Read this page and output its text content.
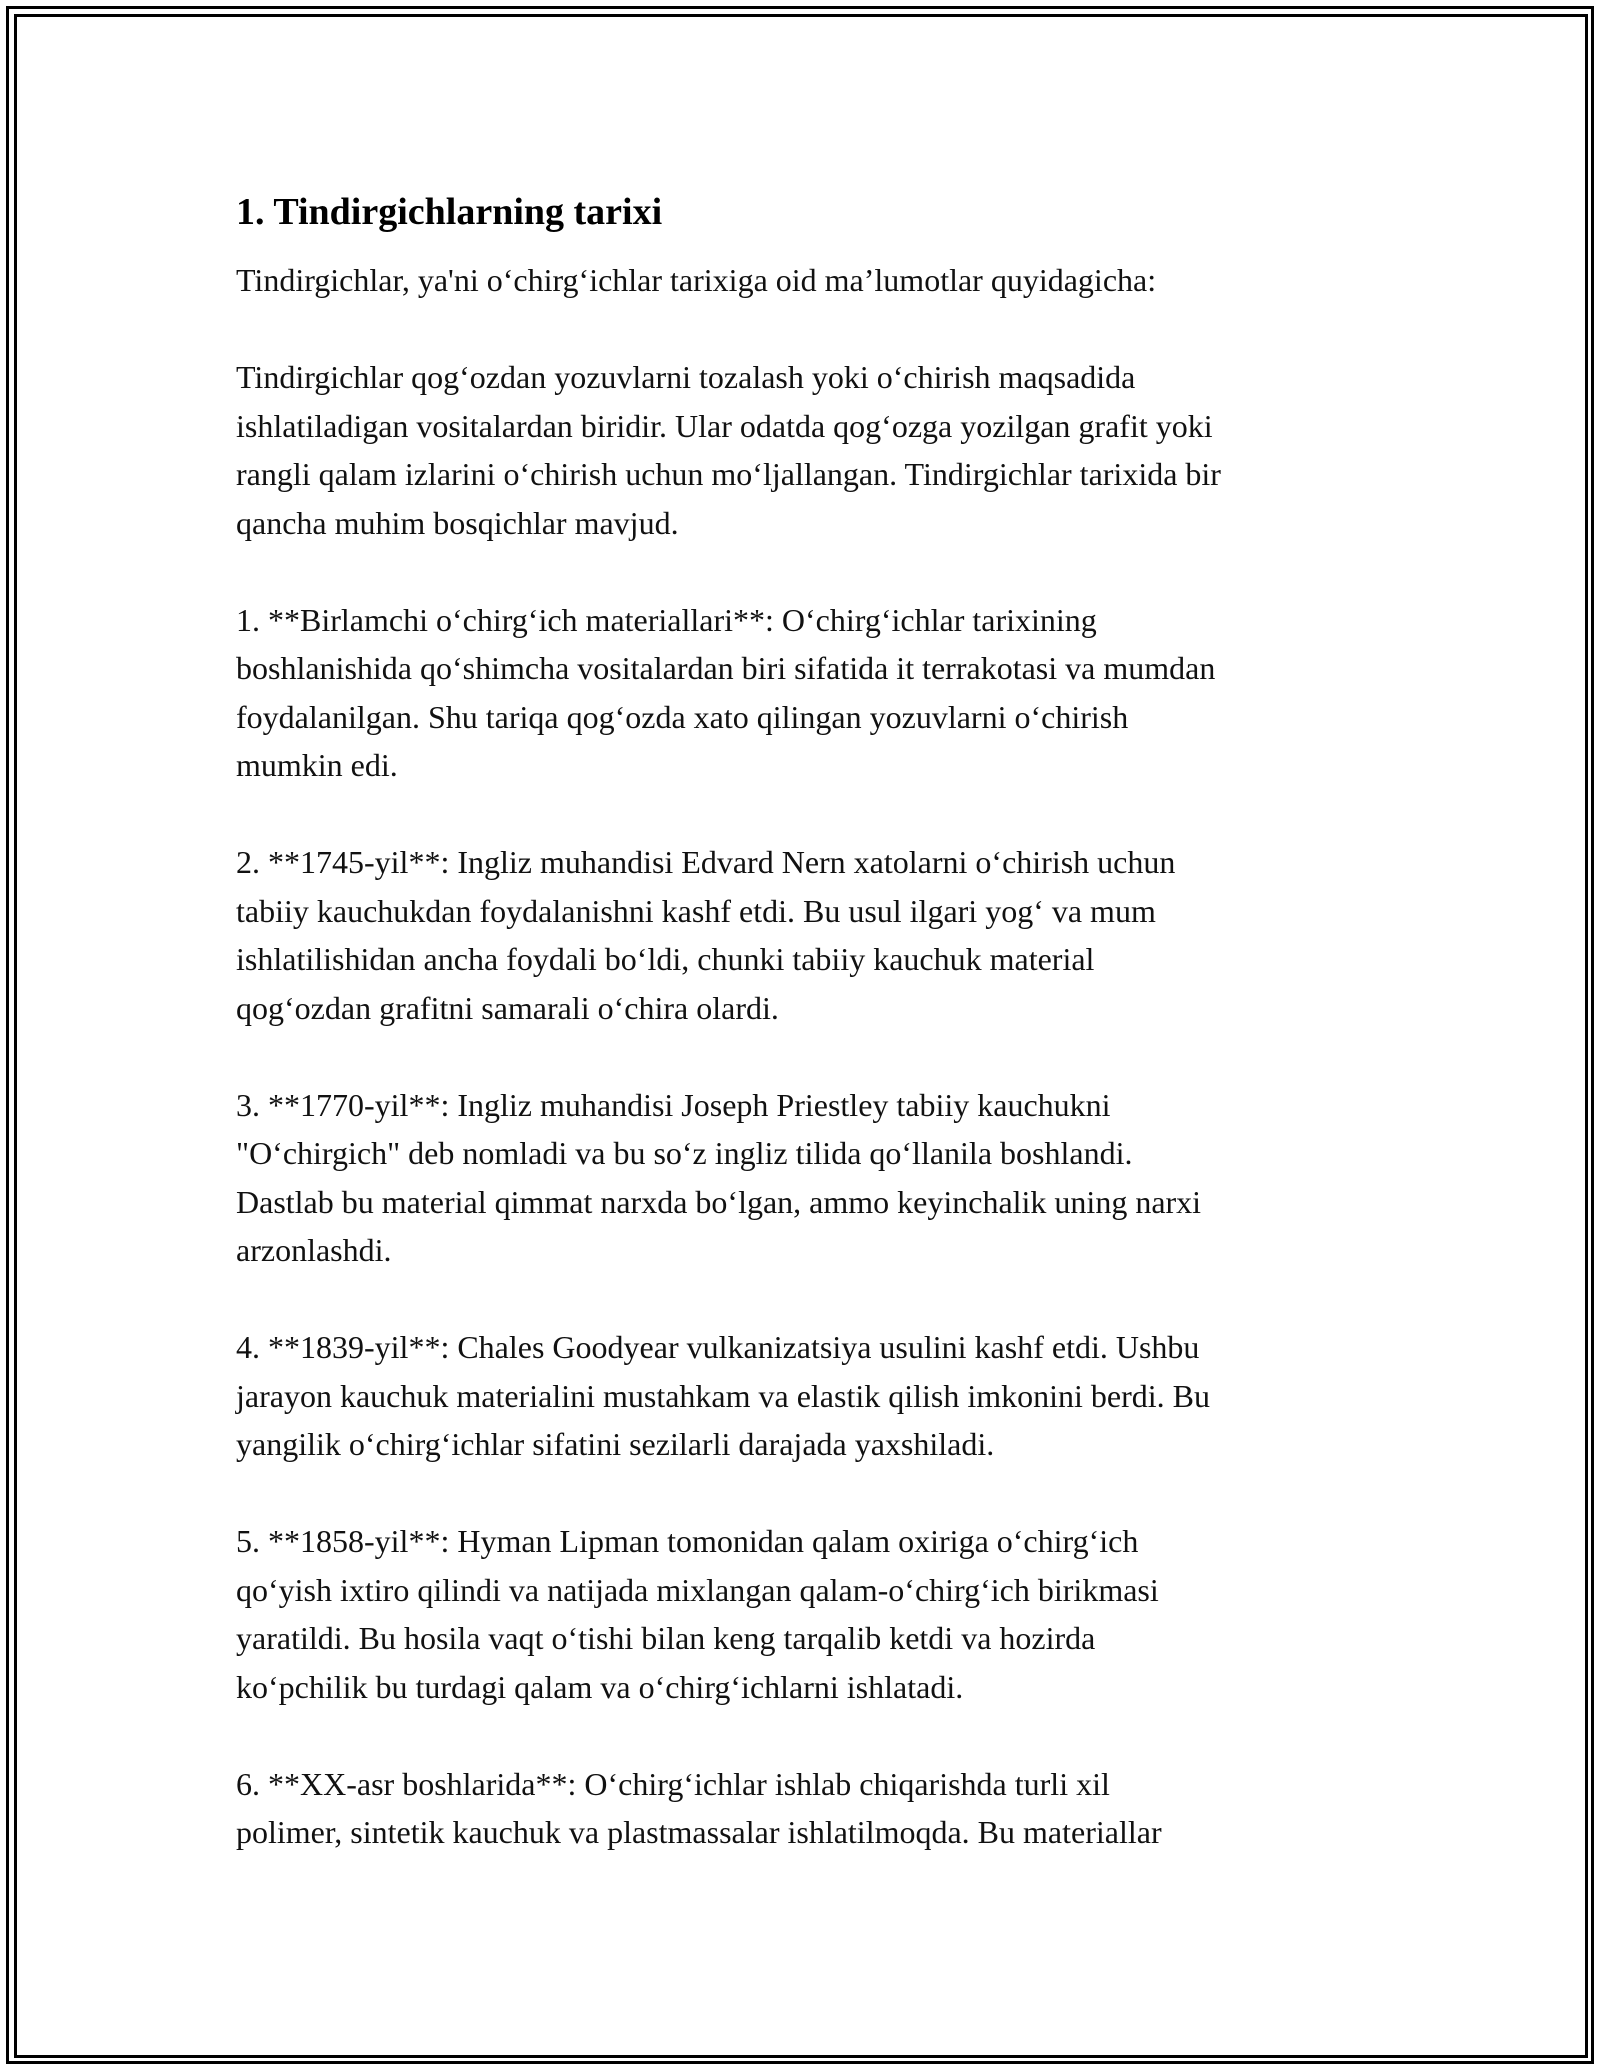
1. Tindirgichlarning tarixi

Tindirgichlar, ya'ni o‘chirg‘ichlar tarixiga oid ma’lumotlar quyidagicha:

Tindirgichlar qog‘ozdan yozuvlarni tozalash yoki o‘chirish maqsadida
ishlatiladigan vositalardan biridir. Ular odatda qog‘ozga yozilgan grafit yoki
rangli qalam izlarini o‘chirish uchun mo‘ljallangan. Tindirgichlar tarixida bir
qancha muhim bosqichlar mavjud.

1. **Birlamchi o‘chirg‘ich materiallari**: O‘chirg‘ichlar tarixining
boshlanishida qo‘shimcha vositalardan biri sifatida it terrakotasi va mumdan
foydalanilgan. Shu tariqa qog‘ozda xato qilingan yozuvlarni o‘chirish
mumkin edi.

2. **1745-yil**: Ingliz muhandisi Edvard Nern xatolarni o‘chirish uchun
tabiiy kauchukdan foydalanishni kashf etdi. Bu usul ilgari yog‘ va mum
ishlatilishidan ancha foydali bo‘ldi, chunki tabiiy kauchuk material
qog‘ozdan grafitni samarali o‘chira olardi.

3. **1770-yil**: Ingliz muhandisi Joseph Priestley tabiiy kauchukni
"O‘chirgich" deb nomladi va bu so‘z ingliz tilida qo‘llanila boshlandi.
Dastlab bu material qimmat narxda bo‘lgan, ammo keyinchalik uning narxi
arzonlashdi.

4. **1839-yil**: Chales Goodyear vulkanizatsiya usulini kashf etdi. Ushbu
jarayon kauchuk materialini mustahkam va elastik qilish imkonini berdi. Bu
yangilik o‘chirg‘ichlar sifatini sezilarli darajada yaxshiladi.

5. **1858-yil**: Hyman Lipman tomonidan qalam oxiriga o‘chirg‘ich
qo‘yish ixtiro qilindi va natijada mixlangan qalam-o‘chirg‘ich birikmasi
yaratildi. Bu hosila vaqt o‘tishi bilan keng tarqalib ketdi va hozirda
ko‘pchilik bu turdagi qalam va o‘chirg‘ichlarni ishlatadi.

6. **XX-asr boshlarida**: O‘chirg‘ichlar ishlab chiqarishda turli xil
polimer, sintetik kauchuk va plastmassalar ishlatilmoqda. Bu materiallar
